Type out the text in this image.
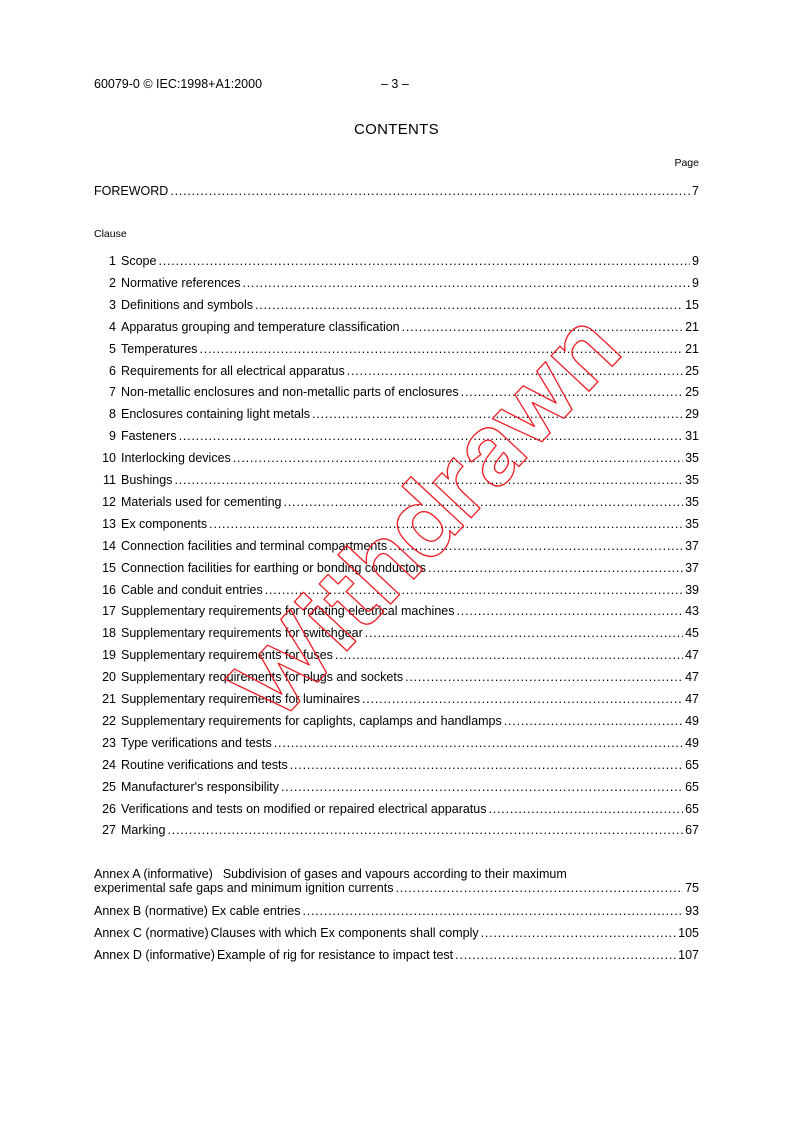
60079-0 © IEC:1998+A1:2000	– 3 –
CONTENTS
Page
FOREWORD .....	7
Clause
1 Scope .....	9
2 Normative references .....	9
3 Definitions and symbols .....	15
4 Apparatus grouping and temperature classification .....	21
5 Temperatures .....	21
6 Requirements for all electrical apparatus .....	25
7 Non-metallic enclosures and non-metallic parts of enclosures .....	25
8 Enclosures containing light metals .....	29
9 Fasteners .....	31
10 Interlocking devices .....	35
11 Bushings .....	35
12 Materials used for cementing .....	35
13 Ex components .....	35
14 Connection facilities and terminal compartments .....	37
15 Connection facilities for earthing or bonding conductors .....	37
16 Cable and conduit entries .....	39
17 Supplementary requirements for rotating electrical machines .....	43
18 Supplementary requirements for switchgear .....	45
19 Supplementary requirements for fuses .....	47
20 Supplementary requirements for plugs and sockets .....	47
21 Supplementary requirements for luminaires .....	47
22 Supplementary requirements for caplights, caplamps and handlamps .....	49
23 Type verifications and tests .....	49
24 Routine verifications and tests .....	65
25 Manufacturer's responsibility .....	65
26 Verifications and tests on modified or repaired electrical apparatus .....	65
27 Marking .....	67
Annex A (informative) Subdivision of gases and vapours according to their maximum
experimental safe gaps and minimum ignition currents .....	75
Annex B (normative) Ex cable entries .....	93
Annex C (normative) Clauses with which Ex components shall comply .....	105
Annex D (informative) Example of rig for resistance to impact test .....	107
